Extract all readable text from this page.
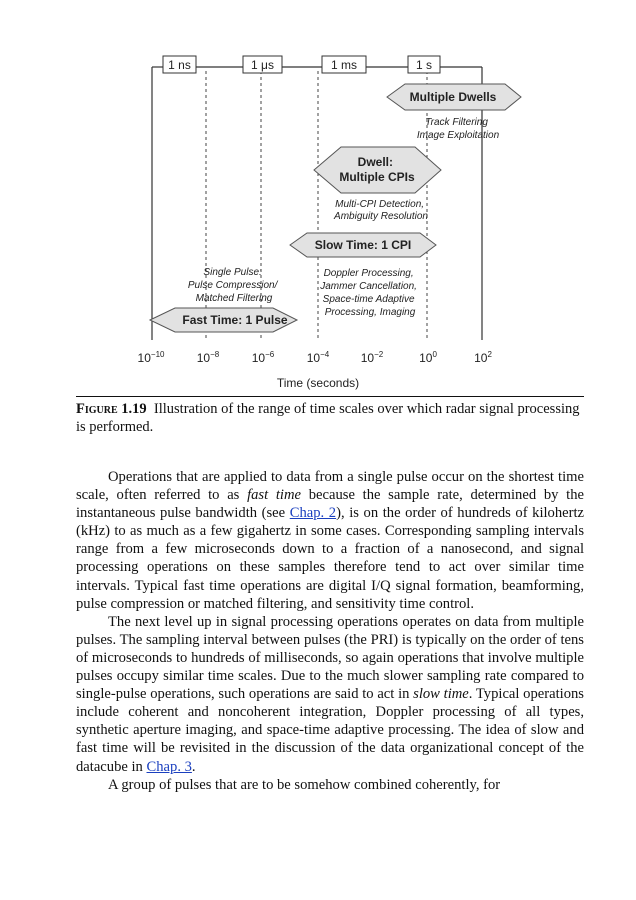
1 ns	1 μs	1 ms	1 s
Multiple Dwells
Track Filtering Image Exploitation
Dwell: Multiple CPIs
Multi-CPI Detection, Ambiguity Resolution
Slow Time: 1 CPI
Doppler Processing, Jammer Cancellation, Space-time Adaptive Processing, Imaging
Single Pulse: Pulse Compression/ Matched Filtering
Fast Time: 1 Pulse
$10^{-10}$	$10^{-8}$	$10^{-6}$	$10^{-4}$	$10^{-2}$	$10^0$	$10^2$
Time (seconds)
Figure 1.19 Illustration of the range of time scales over which radar signal processing is performed.

Operations that are applied to data from a single pulse occur on the shortest time scale, often referred to as fast time because the sample rate, determined by the instantaneous pulse bandwidth (see Chap. 2), is on the order of hundreds of kilohertz (kHz) to as much as a few gigahertz in some cases. Corresponding sampling intervals range from a few microseconds down to a fraction of a nanosecond, and signal processing operations on these samples therefore tend to act over similar time intervals. Typical fast time operations are digital I/Q signal formation, beamforming, pulse compression or matched filtering, and sensitivity time control.

The next level up in signal processing operations operates on data from multiple pulses. The sampling interval between pulses (the PRI) is typically on the order of tens of microseconds to hundreds of milliseconds, so again operations that involve multiple pulses occupy similar time scales. Due to the much slower sampling rate compared to single-pulse operations, such operations are said to act in slow time. Typical operations include coherent and noncoherent integration, Doppler processing of all types, synthetic aperture imaging, and space-time adaptive processing. The idea of slow and fast time will be revisited in the discussion of the data organizational concept of the datacube in Chap. 3.

A group of pulses that are to be somehow combined coherently, for
